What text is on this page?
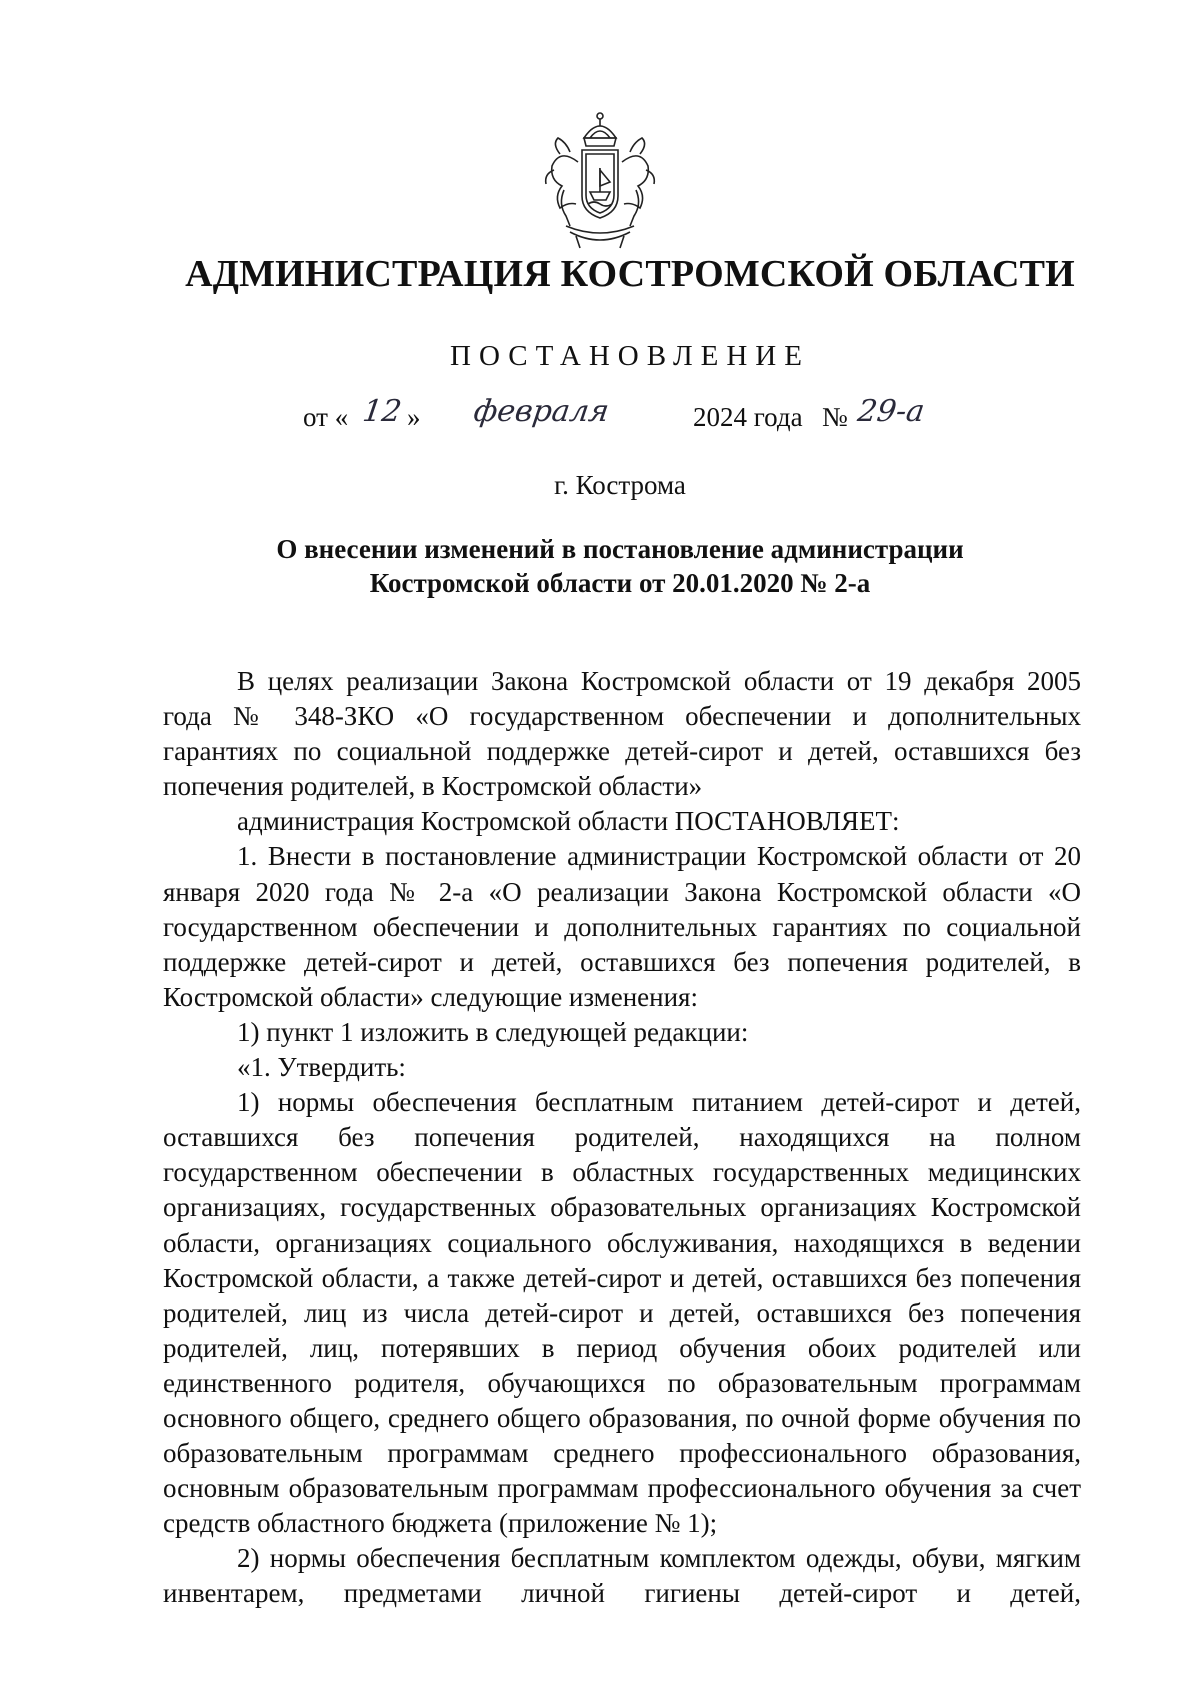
АДМИНИСТРАЦИЯ КОСТРОМСКОЙ ОБЛАСТИ
ПОСТАНОВЛЕНИЕ
от « 12 » февраля	2024 года № 29-а
г. Кострома
О внесении изменений в постановление администрации
Костромской области от 20.01.2020 № 2-а

В целях реализации Закона Костромской области от 19 декабря 2005 года № 348-ЗКО «О государственном обеспечении и дополнительных гарантиях по социальной поддержке детей-сирот и детей, оставшихся без попечения родителей, в Костромской области»

администрация Костромской области ПОСТАНОВЛЯЕТ:

1. Внести в постановление администрации Костромской области от 20 января 2020 года № 2-а «О реализации Закона Костромской области «О государственном обеспечении и дополнительных гарантиях по социальной поддержке детей-сирот и детей, оставшихся без попечения родителей, в Костромской области» следующие изменения:

1) пункт 1 изложить в следующей редакции:

«1. Утвердить:

1) нормы обеспечения бесплатным питанием детей-сирот и детей, оставшихся без попечения родителей, находящихся на полном государственном обеспечении в областных государственных медицинских организациях, государственных образовательных организациях Костромской области, организациях социального обслуживания, находящихся в ведении Костромской области, а также детей-сирот и детей, оставшихся без попечения родителей, лиц из числа детей-сирот и детей, оставшихся без попечения родителей, лиц, потерявших в период обучения обоих родителей или единственного родителя, обучающихся по образовательным программам основного общего, среднего общего образования, по очной форме обучения по образовательным программам среднего профессионального образования, основным образовательным программам профессионального обучения за счет средств областного бюджета (приложение № 1);

2) нормы обеспечения бесплатным комплектом одежды, обуви, мягким инвентарем, предметами личной гигиены детей-сирот и детей,
